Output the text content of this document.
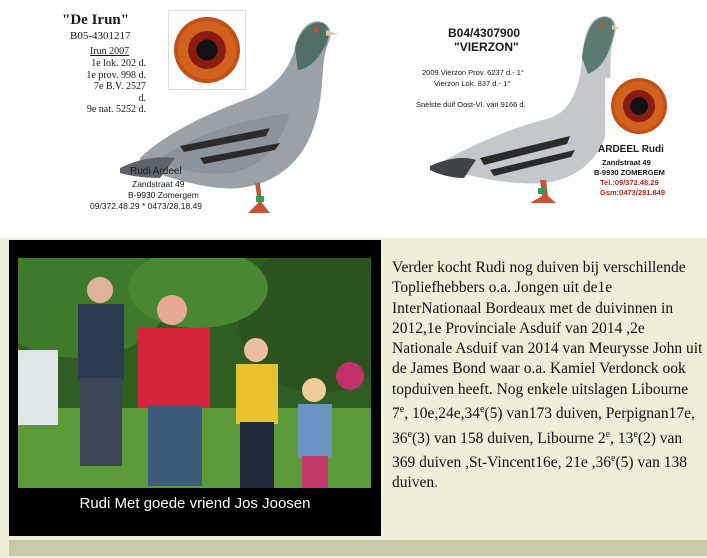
"De Irun"
B05-4301217
Irun 2007
1e lok. 202 d.
1e prov. 998 d.
7e B.V. 2527 d.
9e nat. 5252 d.
Rudi Ardeel
Zandstraat 49
B-9930 Zomergem
09/372.48.29 * 0473/28.18.49
B04/4307900
"VIERZON"
2009 Vierzon Prov. 6237 d.- 1°
Vierzon Lok. 837 d.- 1°
Snelste duif Oost-Vl. van 9166 d.
ARDEEL Rudi
Zandstraat 49
B-9930 ZOMERGEM
Tel.:09/372.48.29
Gsm:0473/281.849
Rudi Met goede vriend Jos Joosen
Verder kocht Rudi nog duiven bij verschillende Topliefhebbers o.a. Jongen uit de1e InterNationaal Bordeaux met de duivinnen in 2012,1e Provinciale Asduif van 2014 ,2e Nationale Asduif van 2014 van Meurysse John uit de James Bond waar o.a. Kamiel Verdonck ook topduiven heeft. Nog enkele uitslagen Libourne 7e, 10e,24e,34e(5) van173 duiven, Perpignan17e, 36e(3) van 158 duiven, Libourne 2e, 13e(2) van 369 duiven ,St-Vincent16e, 21e ,36e(5) van 138 duiven.
